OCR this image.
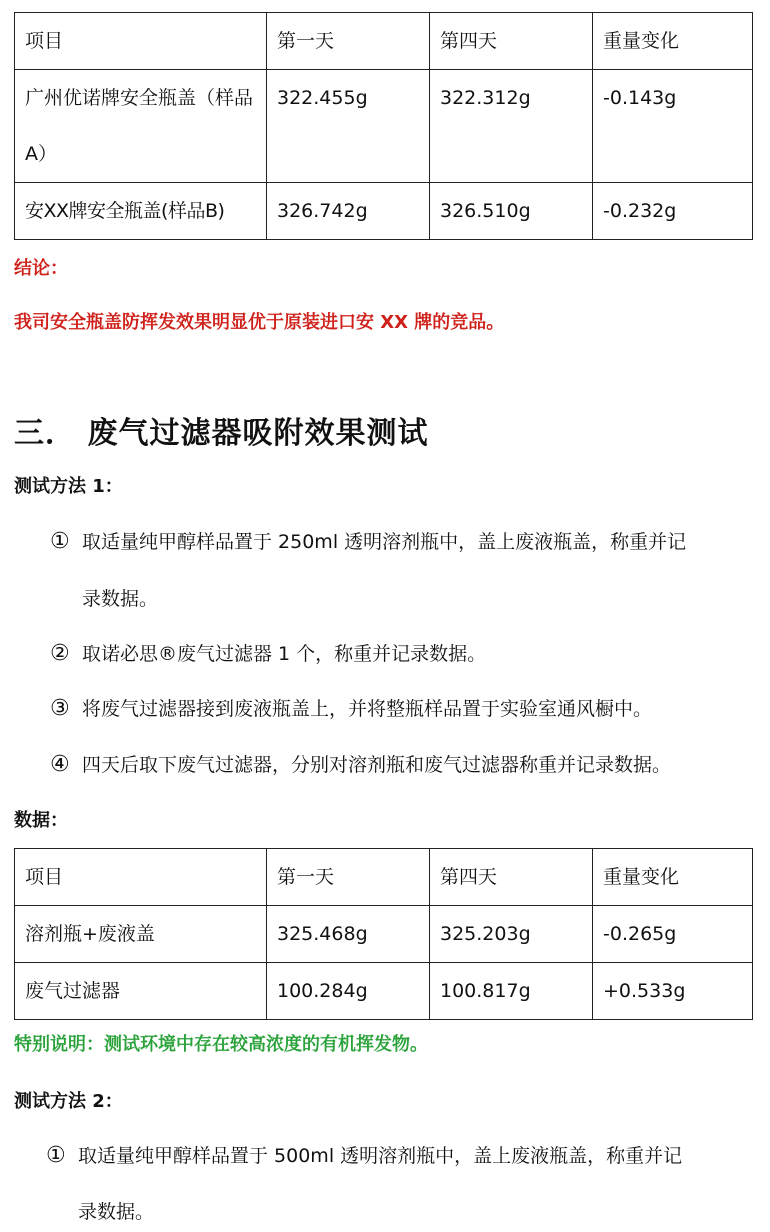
项目	第一天	第四天	重量变化
广州优诺牌安全瓶盖（样品 A）	322.455g	322.312g	-0.143g
安XX牌安全瓶盖(样品B)	326.742g	326.510g	-0.232g
结论：
我司安全瓶盖防挥发效果明显优于原装进口安 XX 牌的竞品。
三． 废气过滤器吸附效果测试
测试方法 1：
① 取适量纯甲醇样品置于 250ml 透明溶剂瓶中，盖上废液瓶盖，称重并记
录数据。
② 取诺必思®废气过滤器 1 个，称重并记录数据。
③ 将废气过滤器接到废液瓶盖上，并将整瓶样品置于实验室通风橱中。
④ 四天后取下废气过滤器，分别对溶剂瓶和废气过滤器称重并记录数据。
数据：
项目	第一天	第四天	重量变化
溶剂瓶+废液盖	325.468g	325.203g	-0.265g
废气过滤器	100.284g	100.817g	+0.533g
特别说明：测试环境中存在较高浓度的有机挥发物。
测试方法 2：
① 取适量纯甲醇样品置于 500ml 透明溶剂瓶中，盖上废液瓶盖，称重并记
录数据。
